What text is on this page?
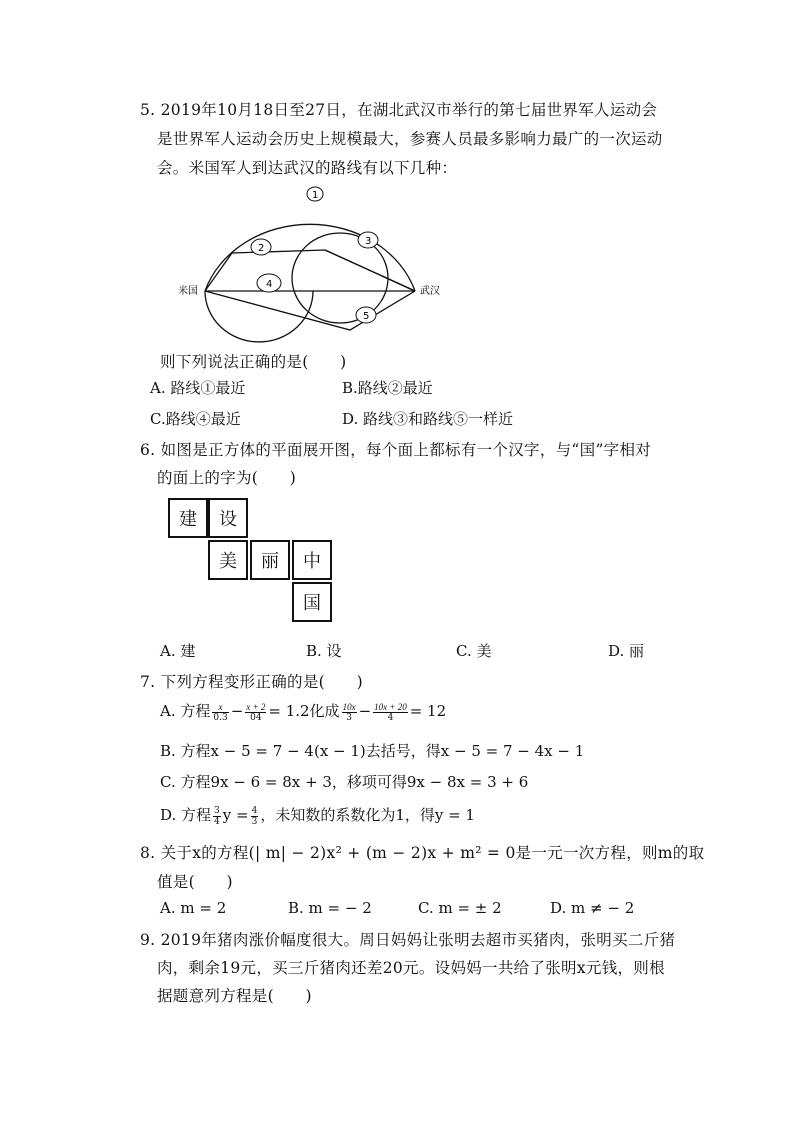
5. 2019年10月18日至27日，在湖北武汉市举行的第七届世界军人运动会
是世界军人运动会历史上规模最大，参赛人员最多影响力最广的一次运动
会。米国军人到达武汉的路线有以下几种：
米国	武汉
1
2
3
4
5
则下列说法正确的是(　　)
A. 路线①最近	B.路线②最近
C.路线④最近	D. 路线③和路线⑤一样近
6. 如图是正方体的平面展开图，每个面上都标有一个汉字，与“国”字相对
的面上的字为(　　)
建	设
美	丽	中
国
A. 建	B. 设	C. 美	D. 丽
7. 下列方程变形正确的是(　　)
A. 方程 $\frac{x}{0.3} - \frac{x + 2}{04} = 1.2$化成 $\frac{10x}{3} - \frac{10x + 20}{4} = 12$
B. 方程x − 5 = 7 − 4(x − 1)去括号，得x − 5 = 7 − 4x − 1
C. 方程9x − 6 = 8x + 3，移项可得9x − 8x = 3 + 6
D. 方程 $\frac{3}{4}$ $y = \frac{4}{3}$ ，未知数的系数化为1，得y = 1
8. 关于x的方程(| m| − 2)x² + (m − 2)x + m² = 0是一元一次方程，则m的取
值是(　　)
A. m = 2	B. m = − 2	C. m = ± 2	D. m ≠ − 2
9. 2019年猪肉涨价幅度很大。周日妈妈让张明去超市买猪肉，张明买二斤猪
肉，剩余19元，买三斤猪肉还差20元。设妈妈一共给了张明x元钱，则根
据题意列方程是(　　)
